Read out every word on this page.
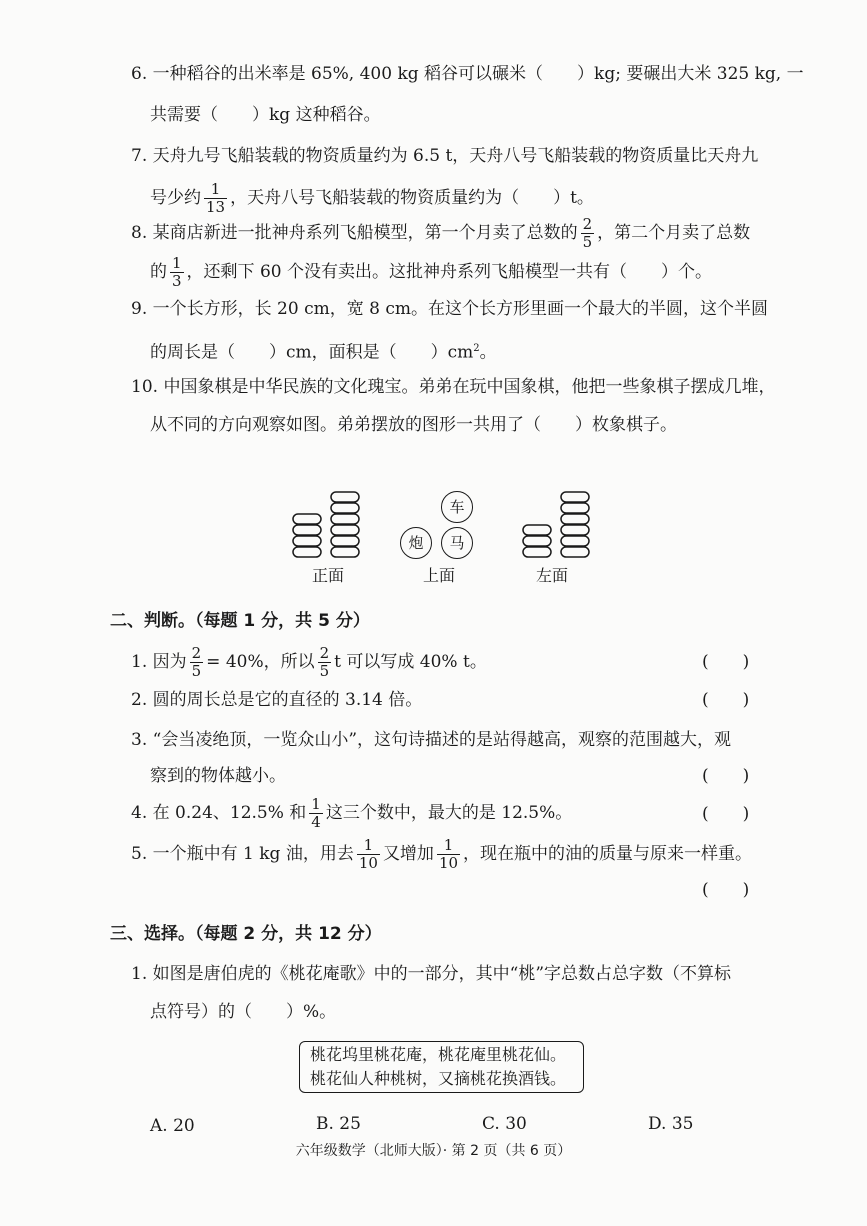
6. 一种稻谷的出米率是 65%, 400 kg 稻谷可以碾米（　　）kg; 要碾出大米 325 kg, 一
共需要（　　）kg 这种稻谷。
7. 天舟九号飞船装载的物资质量约为 6.5 t，天舟八号飞船装载的物资质量比天舟九
号少约 $\frac{1}{13}$ ，天舟八号飞船装载的物资质量约为（　　）t。
8. 某商店新进一批神舟系列飞船模型，第一个月卖了总数的 $\frac{2}{5}$ ，第二个月卖了总数
的 $\frac{1}{3}$ ，还剩下 60 个没有卖出。这批神舟系列飞船模型一共有（　　）个。
9. 一个长方形，长 20 cm，宽 8 cm。在这个长方形里画一个最大的半圆，这个半圆
的周长是（　　）cm，面积是（　　）$cm^2$。
10. 中国象棋是中华民族的文化瑰宝。弟弟在玩中国象棋，他把一些象棋子摆成几堆，
从不同的方向观察如图。弟弟摆放的图形一共用了（　　）枚象棋子。
正面	上面	左面
车
炮	马
二、判断。（每题 1 分，共 5 分）
1. 因为 $\frac{2}{5} = 40\%$，所以 $\frac{2}{5}$ t 可以写成 40% t。	(　　)
2. 圆的周长总是它的直径的 3.14 倍。	(　　)
3. “会当凌绝顶，一览众山小”，这句诗描述的是站得越高，观察的范围越大，观
察到的物体越小。	(　　)
4. 在 0.24、12.5% 和 $\frac{1}{4}$ 这三个数中，最大的是 12.5%。	(　　)
5. 一个瓶中有 1 kg 油，用去 $\frac{1}{10}$ 又增加 $\frac{1}{10}$ ，现在瓶中的油的质量与原来一样重。
(　　)
三、选择。（每题 2 分，共 12 分）
1. 如图是唐伯虎的《桃花庵歌》中的一部分，其中“桃”字总数占总字数（不算标
点符号）的（　　）%。
桃花坞里桃花庵，桃花庵里桃花仙。
桃花仙人种桃树，又摘桃花换酒钱。
A. 20	B. 25	C. 30	D. 35
六年级数学（北师大版）· 第 2 页（共 6 页）
